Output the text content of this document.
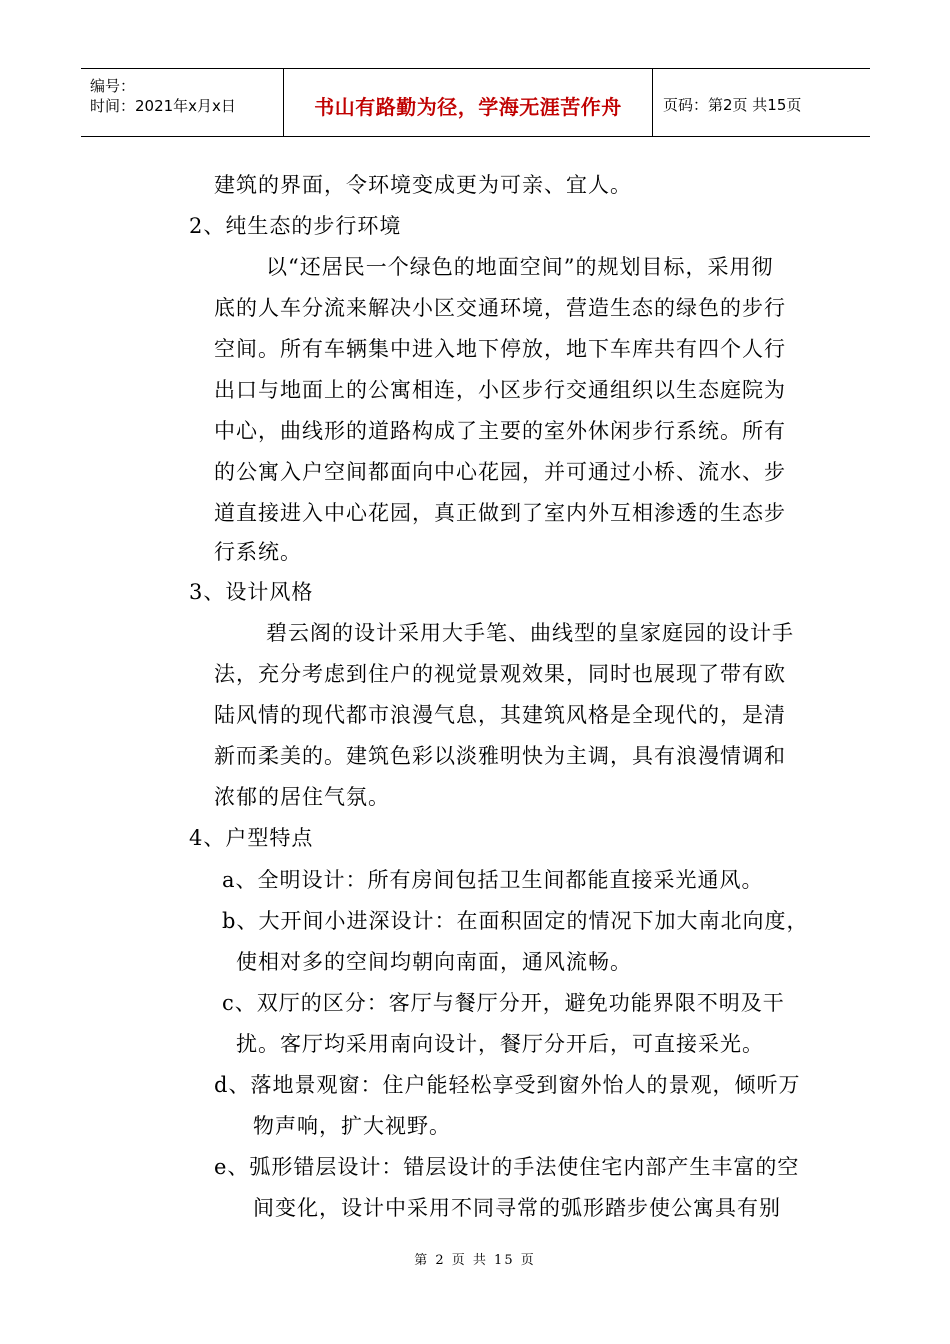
编号：
时间：2021年x月x日	书山有路勤为径，学海无涯苦作舟	页码：第2页 共15页
建筑的界面，令环境变成更为可亲、宜人。
2、纯生态的步行环境
以“还居民一个绿色的地面空间”的规划目标，采用彻
底的人车分流来解决小区交通环境，营造生态的绿色的步行
空间。所有车辆集中进入地下停放，地下车库共有四个人行
出口与地面上的公寓相连，小区步行交通组织以生态庭院为
中心，曲线形的道路构成了主要的室外休闲步行系统。所有
的公寓入户空间都面向中心花园，并可通过小桥、流水、步
道直接进入中心花园，真正做到了室内外互相渗透的生态步
行系统。
3、设计风格
碧云阁的设计采用大手笔、曲线型的皇家庭园的设计手
法，充分考虑到住户的视觉景观效果，同时也展现了带有欧
陆风情的现代都市浪漫气息，其建筑风格是全现代的，是清
新而柔美的。建筑色彩以淡雅明快为主调，具有浪漫情调和
浓郁的居住气氛。
4、户型特点
a、全明设计：所有房间包括卫生间都能直接采光通风。
b、大开间小进深设计：在面积固定的情况下加大南北向度，
使相对多的空间均朝向南面，通风流畅。
c、双厅的区分：客厅与餐厅分开，避免功能界限不明及干
扰。客厅均采用南向设计，餐厅分开后，可直接采光。
d、落地景观窗：住户能轻松享受到窗外怡人的景观，倾听万
物声响，扩大视野。
e、弧形错层设计：错层设计的手法使住宅内部产生丰富的空
间变化，设计中采用不同寻常的弧形踏步使公寓具有别
第 2 页 共 15 页
